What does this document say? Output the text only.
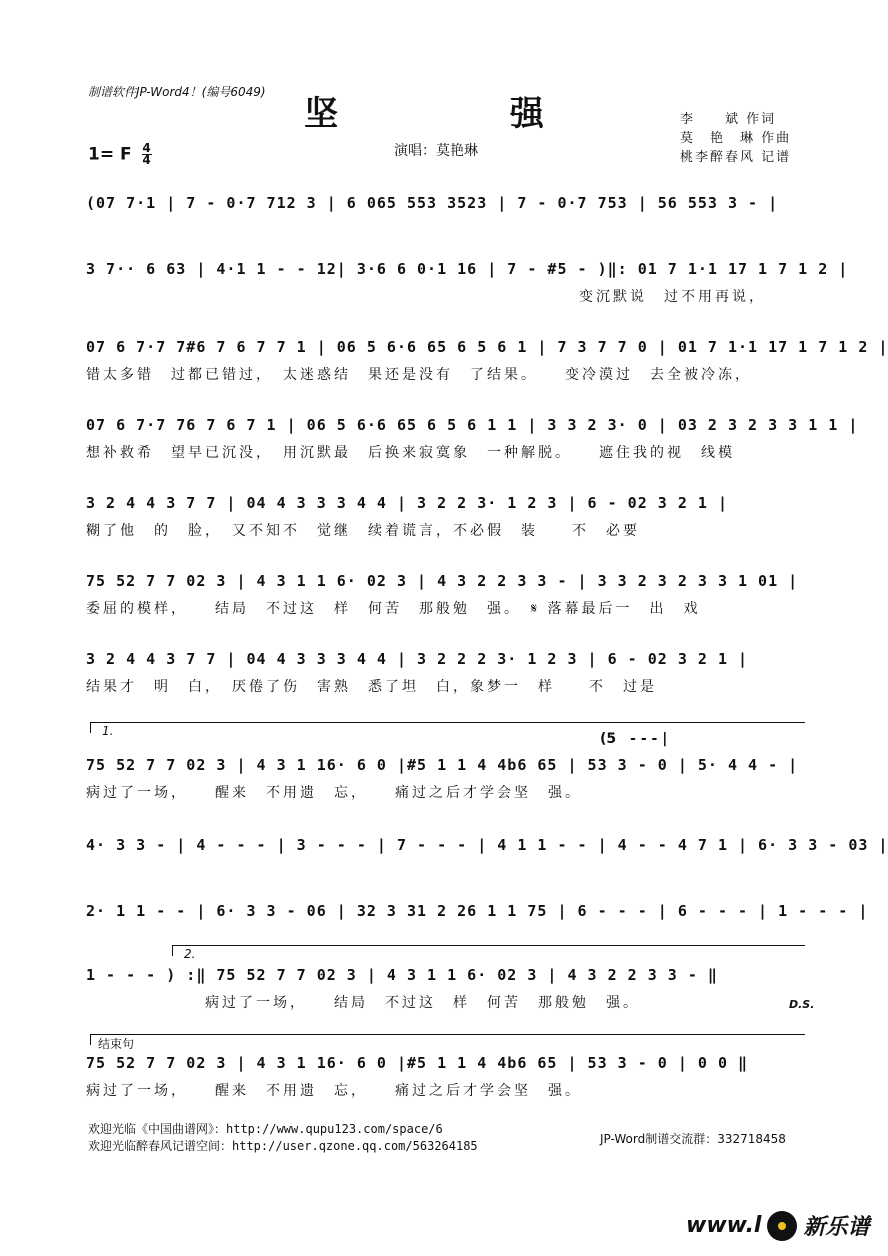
制谱软件JP-Word4！(编号6049)
坚 强
1= F $\frac{4}{4}$	演唱：莫艳琳
李　　斌 作词
莫　艳　琳 作曲
桃李醉春风 记谱
(07 7·1 | 7 - 0·7 712 3 | 6 065 553 3523 | 7 - 0·7 753 | 56 553 3 - |
3 7·· 6 63 | 4·1 1 - - 12| 3·6 6 0·1 16 | 7 - #5 - )‖: 01 7 1·1 17 1 7 1 2 |
　　　　　　　　　　　　　　　　　　　　　　　　　　　　　变沉默说　过不用再说，
07 6 7·7 7#6 7 6 7 7 1 | 06 5 6·6 65 6 5 6 1 | 7 3 7 7 0 | 01 7 1·1 17 1 7 1 2 |
错太多错　过都已错过，　太迷惑结　果还是没有　了结果。　　变冷漠过　去全被冷冻，
07 6 7·7 76 7 6 7 1 | 06 5 6·6 65 6 5 6 1 1 | 3 3 2 3· 0 | 03 2 3 2 3 3 1 1 |
想补救希　望早已沉没，　用沉默最　后换来寂寞象　一种解脱。　　遮住我的视　线模
3 2 4 4 3 7 7 | 04 4 3 3 3 4 4 | 3 2 2 3· 1 2 3 | 6 - 02 3 2 1 |
糊了他　的　脸，　又不知不　觉继　续着谎言，不必假　装　　不　必要
75 52 7 7 02 3 | 4 3 1 1 6· 02 3 | 4 3 2 2 3 3 - | 3 3 2 3 2 3 3 1 01 |
委屈的模样，　　结局　不过这　样　何苦　那般勉　强。　𝄋 落幕最后一　出　戏
3 2 4 4 3 7 7 | 04 4 3 3 3 4 4 | 3 2 2 2 3· 1 2 3 | 6 - 02 3 2 1 |
结果才　明　白，　厌倦了伤　害熟　悉了坦　白，象梦一　样　　不　过是
1.	(5　- - - |
75 52 7 7 02 3 | 4 3 1 16· 6 0 |#5 1 1 4 4b6 65 | 53 3 - 0 | 5· 4 4 - |
病过了一场，　　醒来　不用遗　忘，　　痛过之后才学会坚　强。
4· 3 3 - | 4 - - - | 3 - - - | 7 - - - | 4 1 1 - - | 4 - - 4 7 1 | 6· 3 3 - 03 |
2· 1 1 - - | 6· 3 3 - 06 | 32 3 31 2 26 1 1 75 | 6 - - - | 6 - - - | 1 - - - |
2.
1 - - - ) :‖ 75 52 7 7 02 3 | 4 3 1 1 6· 02 3 | 4 3 2 2 3 3 - ‖
　　　　　　　病过了一场，　　结局　不过这　样　何苦　那般勉　强。	D.S.
结束句
75 52 7 7 02 3 | 4 3 1 16· 6 0 |#5 1 1 4 4b6 65 | 53 3 - 0 | 0 0 ‖
病过了一场，　　醒来　不用遗　忘，　　痛过之后才学会坚　强。
欢迎光临《中国曲谱网》：http://www.qupu123.com/space/6
欢迎光临醉春风记谱空间：http://user.qzone.qq.com/563264185	JP-Word制谱交流群：332718458
www.l 新乐谱
